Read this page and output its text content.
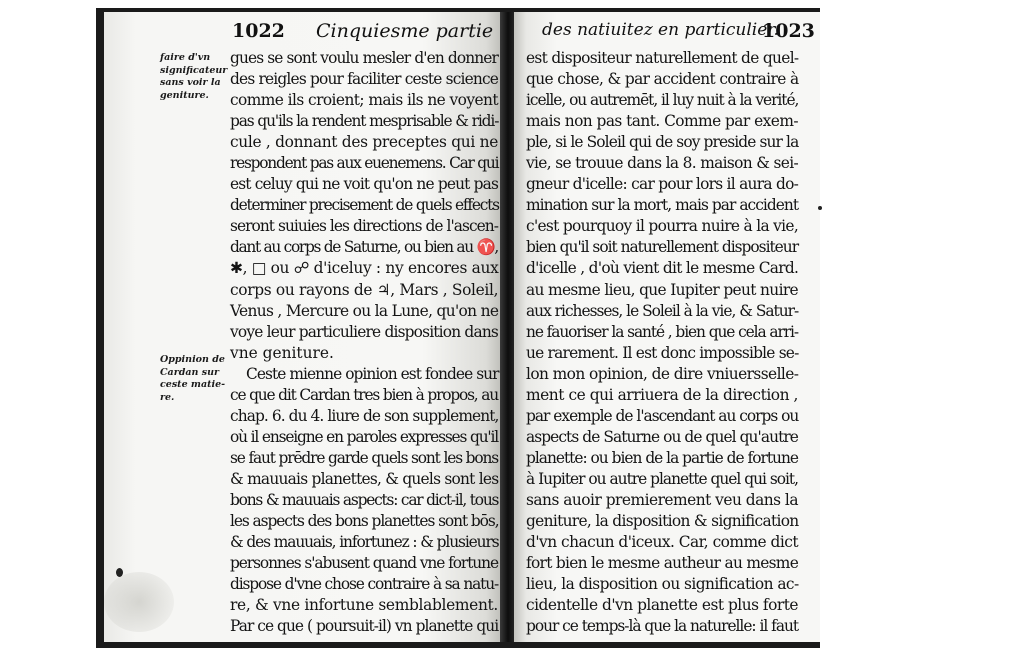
1022 Cinquiesme partie
faire d'vn
significateur
sans voir la
geniture.
Oppinion de
Cardan sur
ceste matie-
re.
gues se sont voulu mesler d'en donner
des reigles pour faciliter ceste science
comme ils croient; mais ils ne voyent
pas qu'ils la rendent mesprisable & ridi-
cule , donnant des preceptes qui ne
respondent pas aux euenemens. Car qui
est celuy qui ne voit qu'on ne peut pas
determiner precisement de quels effects
seront suiuies les directions de l'ascen-
dant au corps de Saturne, ou bien au ♈,
✱, □ ou ☍ d'iceluy : ny encores aux
corps ou rayons de ♃, Mars , Soleil,
Venus , Mercure ou la Lune, qu'on ne
voye leur particuliere disposition dans
vne geniture.
Ceste mienne opinion est fondee sur
ce que dit Cardan tres bien à propos, au
chap. 6. du 4. liure de son supplement,
où il enseigne en paroles expresses qu'il
se faut prēdre garde quels sont les bons
& mauuais planettes, & quels sont les
bons & mauuais aspects: car dict-il, tous
les aspects des bons planettes sont bōs,
& des mauuais, infortunez : & plusieurs
personnes s'abusent quand vne fortune
dispose d'vne chose contraire à sa natu-
re, & vne infortune semblablement.
Par ce que ( poursuit-il) vn planette qui
des natiuitez en particulier.
1023
est dispositeur naturellement de quel-
que chose, & par accident contraire à
icelle, ou autremēt, il luy nuit à la verité,
mais non pas tant. Comme par exem-
ple, si le Soleil qui de soy preside sur la
vie, se trouue dans la 8. maison & sei-
gneur d'icelle: car pour lors il aura do-
mination sur la mort, mais par accident
c'est pourquoy il pourra nuire à la vie,
bien qu'il soit naturellement dispositeur
d'icelle , d'où vient dit le mesme Card.
au mesme lieu, que Iupiter peut nuire
aux richesses, le Soleil à la vie, & Satur-
ne fauoriser la santé , bien que cela arri-
ue rarement. Il est donc impossible se-
lon mon opinion, de dire vniuersselle-
ment ce qui arriuera de la direction ,
par exemple de l'ascendant au corps ou
aspects de Saturne ou de quel qu'autre
planette: ou bien de la partie de fortune
à Iupiter ou autre planette quel qui soit,
sans auoir premierement veu dans la
geniture, la disposition & signification
d'vn chacun d'iceux. Car, comme dict
fort bien le mesme autheur au mesme
lieu, la disposition ou signification ac-
cidentelle d'vn planette est plus forte
pour ce temps-là que la naturelle: il faut
